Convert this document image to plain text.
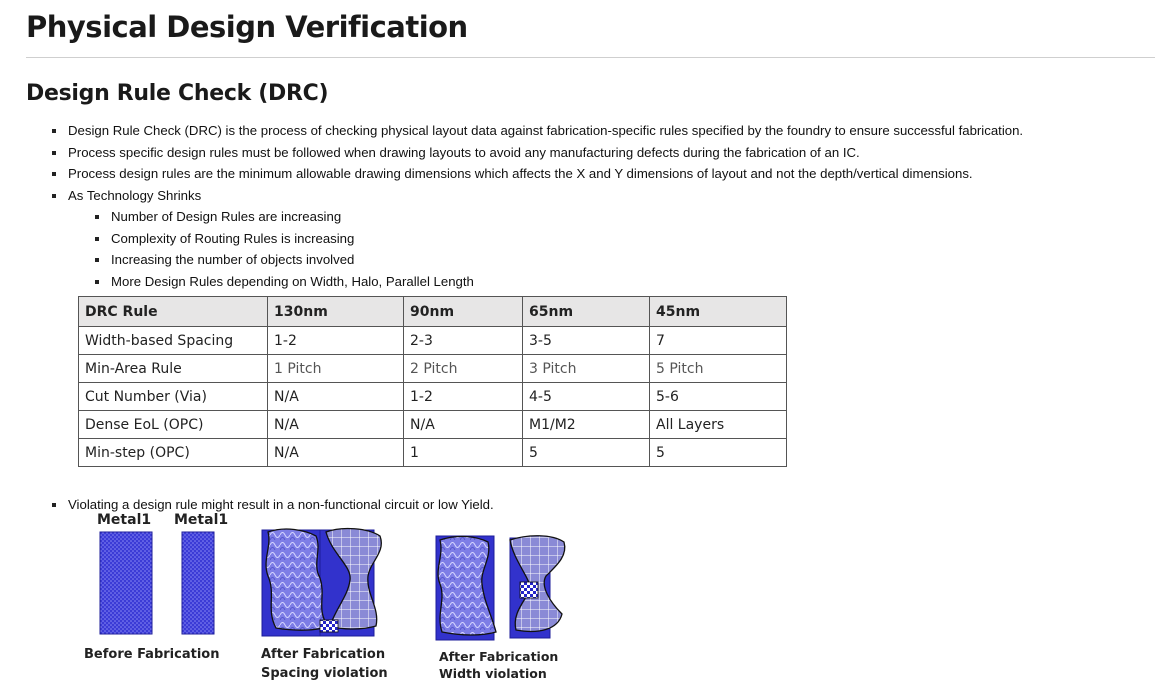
Physical Design Verification
Design Rule Check (DRC)
Design Rule Check (DRC) is the process of checking physical layout data against fabrication-specific rules specified by the foundry to ensure successful fabrication.
Process specific design rules must be followed when drawing layouts to avoid any manufacturing defects during the fabrication of an IC.
Process design rules are the minimum allowable drawing dimensions which affects the X and Y dimensions of layout and not the depth/vertical dimensions.
As Technology Shrinks
Number of Design Rules are increasing
Complexity of Routing Rules is increasing
Increasing the number of objects involved
More Design Rules depending on Width, Halo, Parallel Length
DRC Rule	130nm	90nm	65nm	45nm
Width-based Spacing	1-2	2-3	3-5	7
Min-Area Rule	1 Pitch	2 Pitch	3 Pitch	5 Pitch
Cut Number (Via)	N/A	1-2	4-5	5-6
Dense EoL (OPC)	N/A	N/A	M1/M2	All Layers
Min-step (OPC)	N/A	1	5	5
Violating a design rule might result in a non-functional circuit or low Yield.
Metal1 Metal1
Before Fabrication	After Fabrication
Spacing violation
After Fabrication
Width violation
